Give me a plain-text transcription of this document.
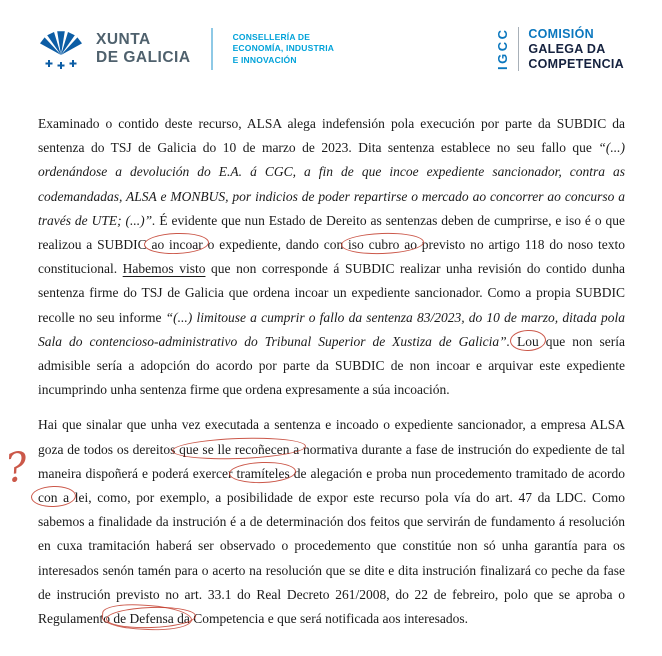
XUNTA
DE GALICIA
CONSELLERÍA DE
ECONOMÍA, INDUSTRIA
E INNOVACIÓN	IGCC COMISIÓN
GALEGA DA
COMPETENCIA

Examinado o contido deste recurso, ALSA alega indefensión pola execución por parte da SUBDIC da sentenza do TSJ de Galicia do 10 de marzo de 2023. Dita sentenza establece no seu fallo que “(...) ordenándose a devolución do E.A. á CGC, a fin de que incoe expediente sancionador, contra as codemandadas, ALSA e MONBUS, por indicios de poder repartirse o mercado ao concorrer ao concurso a través de UTE; (...)”. É evidente que nun Estado de Dereito as sentenzas deben de cumprirse, e iso é o que realizou a SUBDIC ao incoar o expediente, dando con iso cubro ao previsto no artigo 118 do noso texto constitucional. Habemos visto que non corresponde á SUBDIC realizar unha revisión do contido dunha sentenza firme do TSJ de Galicia que ordena incoar un expediente sancionador. Como a propia SUBDIC recolle no seu informe “(...) limitouse a cumprir o fallo da sentenza 83/2023, do 10 de marzo, ditada pola Sala do contencioso-administrativo do Tribunal Superior de Xustiza de Galicia”. Lou que non sería admisible sería a adopción do acordo por parte da SUBDIC de non incoar e arquivar este expediente incumprindo unha sentenza firme que ordena expresamente a súa incoación.

Hai que sinalar que unha vez executada a sentenza e incoado o expediente sancionador, a empresa ALSA goza de todos os dereitos que se lle recoñecen a normativa durante a fase de instrución do expediente de tal maneira dispoñerá e poderá exercer tramíteles de alegación e proba nun procedemento tramitado de acordo con a lei, como, por exemplo, a posibilidade de expor este recurso pola vía do art. 47 da LDC. Como sabemos a finalidade da instrución é a de determinación dos feitos que servirán de fundamento á resolución en cuxa tramitación haberá ser observado o procedemento que constitúe non só unha garantía para os interesados senón tamén para o acerto na resolución que se dite e dita instrución finalizará co peche da fase de instrución previsto no art. 33.1 do Real Decreto 261/2008, do 22 de febreiro, polo que se aproba o Regulamento de Defensa da Competencia e que será notificada aos interesados.

?
